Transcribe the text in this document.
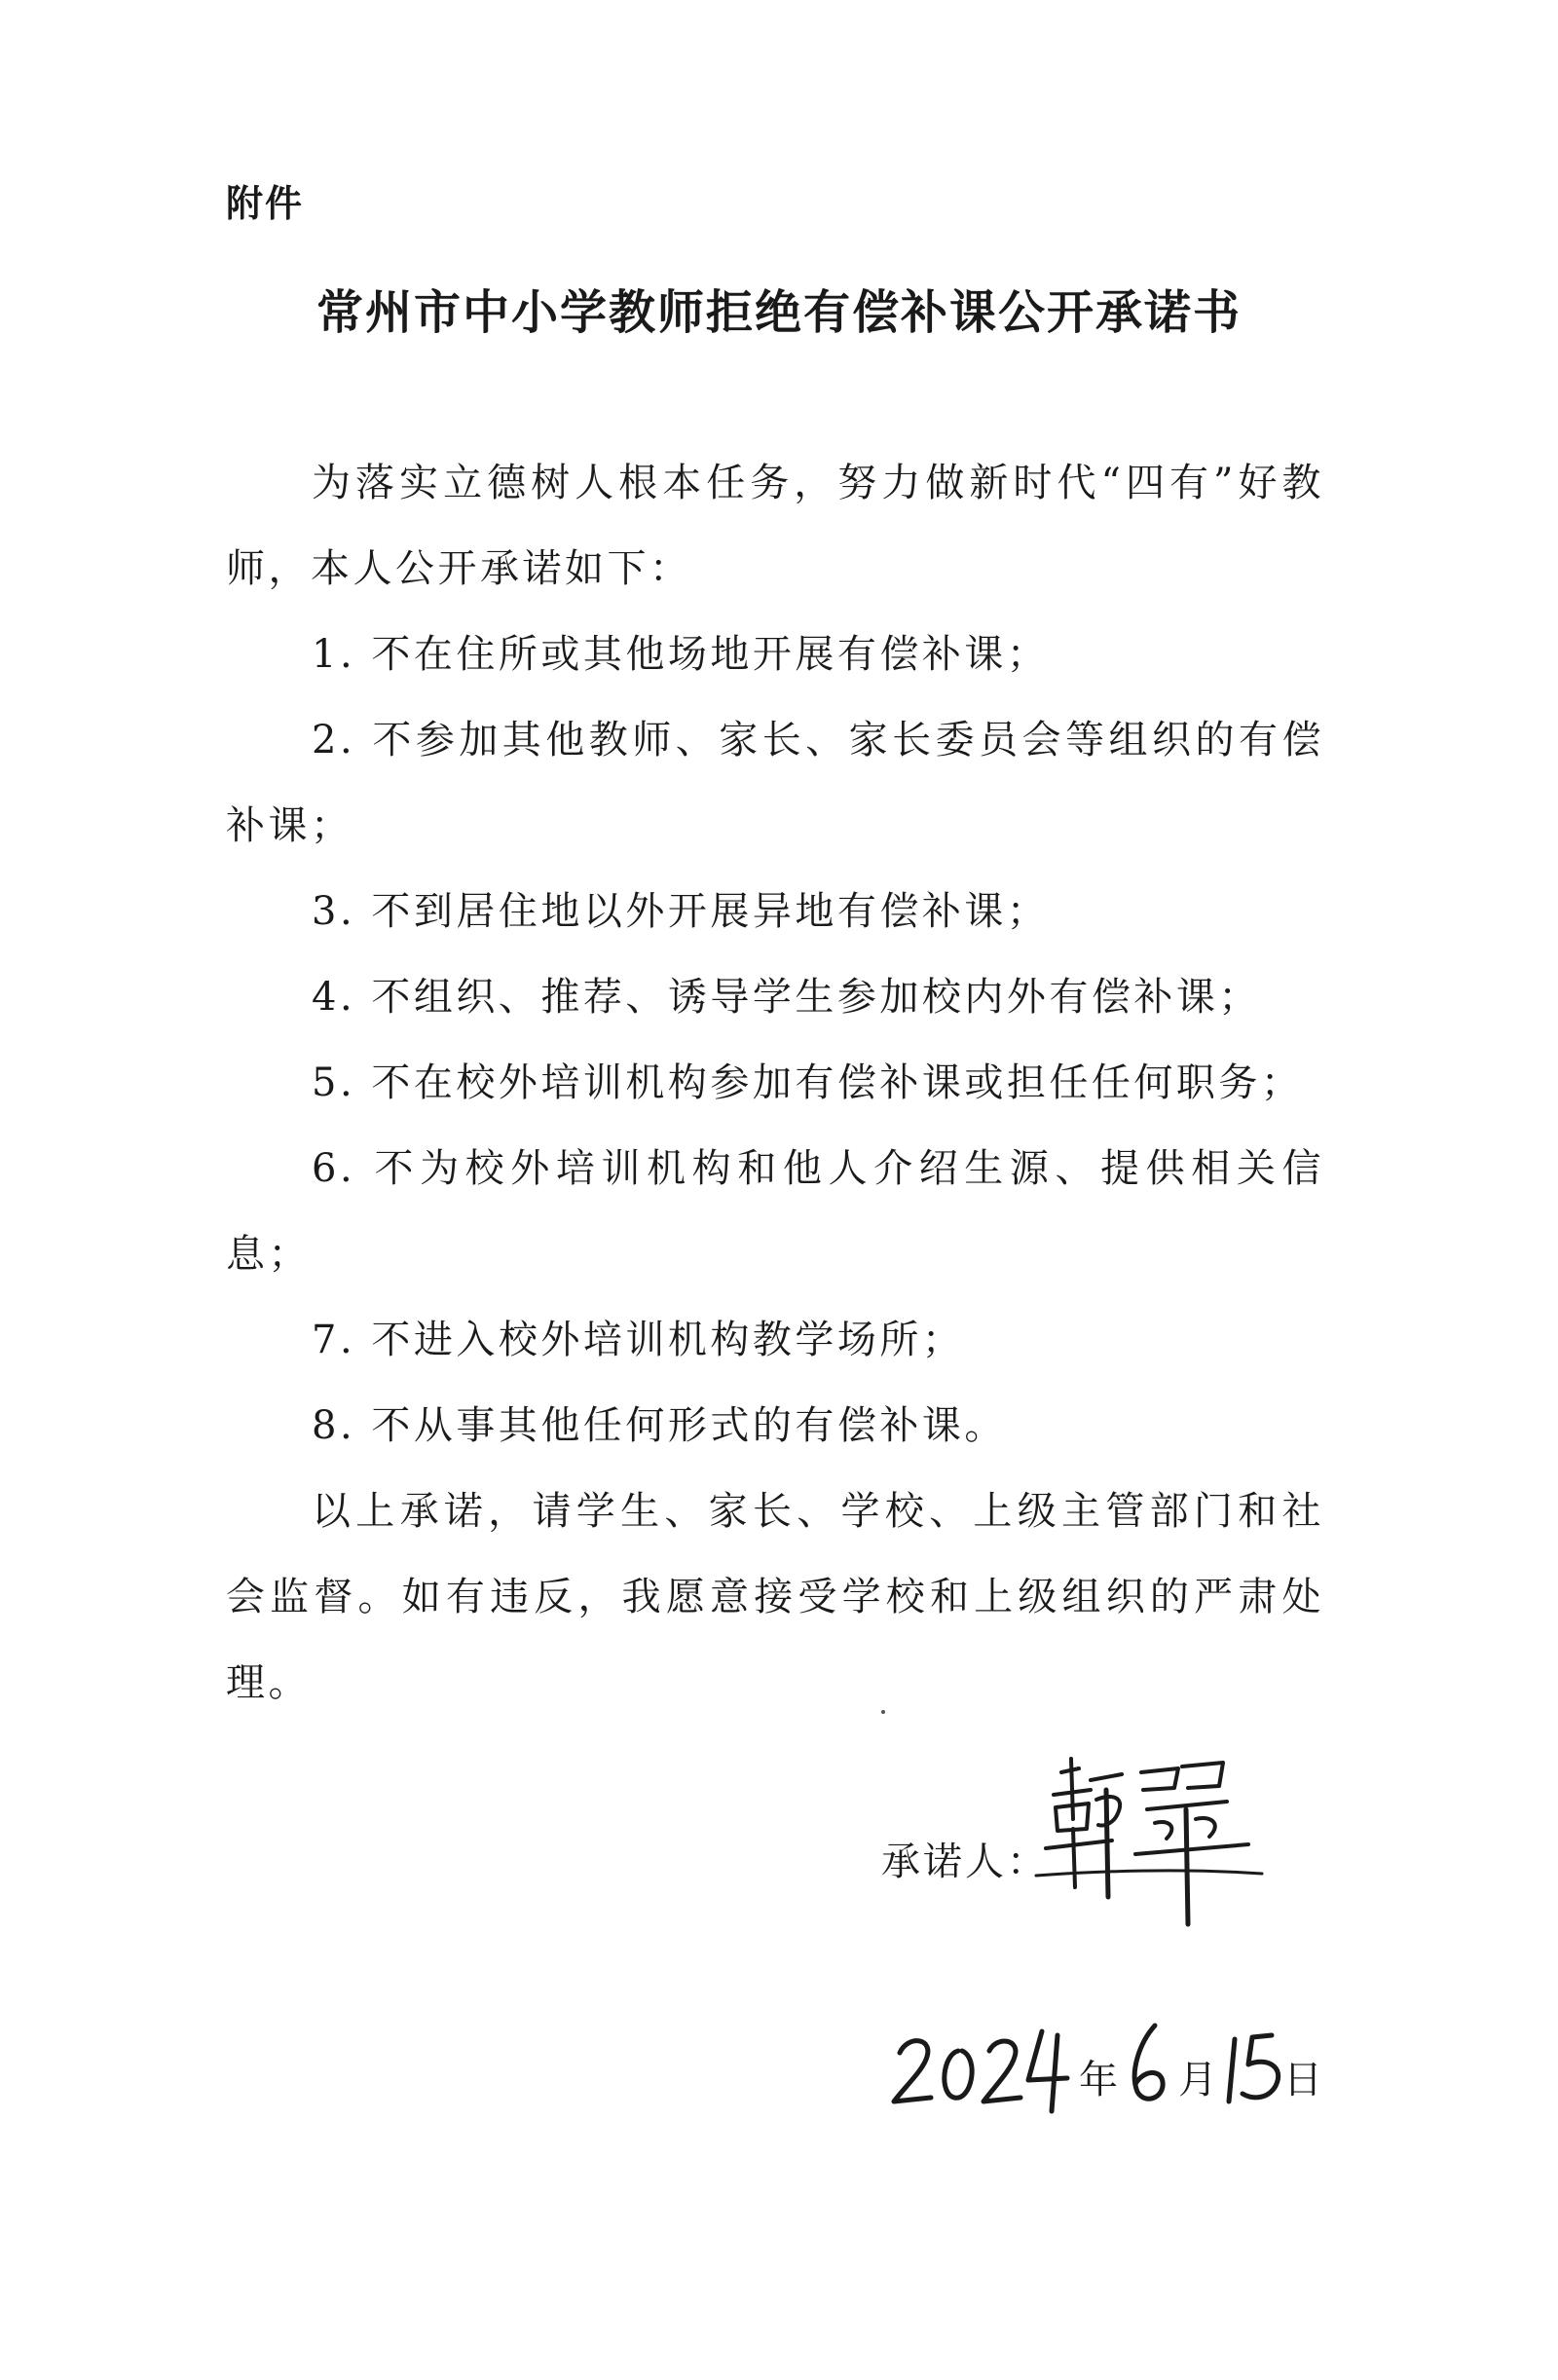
附件
常州市中小学教师拒绝有偿补课公开承诺书

为落实立德树人根本任务，努力做新时代“四有”好教师，本人公开承诺如下：

1. 不在住所或其他场地开展有偿补课；

2. 不参加其他教师、家长、家长委员会等组织的有偿补课；

3. 不到居住地以外开展异地有偿补课；

4. 不组织、推荐、诱导学生参加校内外有偿补课；

5. 不在校外培训机构参加有偿补课或担任任何职务；

6. 不为校外培训机构和他人介绍生源、提供相关信息；

7. 不进入校外培训机构教学场所；

8. 不从事其他任何形式的有偿补课。

以上承诺，请学生、家长、学校、上级主管部门和社会监督。如有违反，我愿意接受学校和上级组织的严肃处理。

承诺人：
年 月 日
